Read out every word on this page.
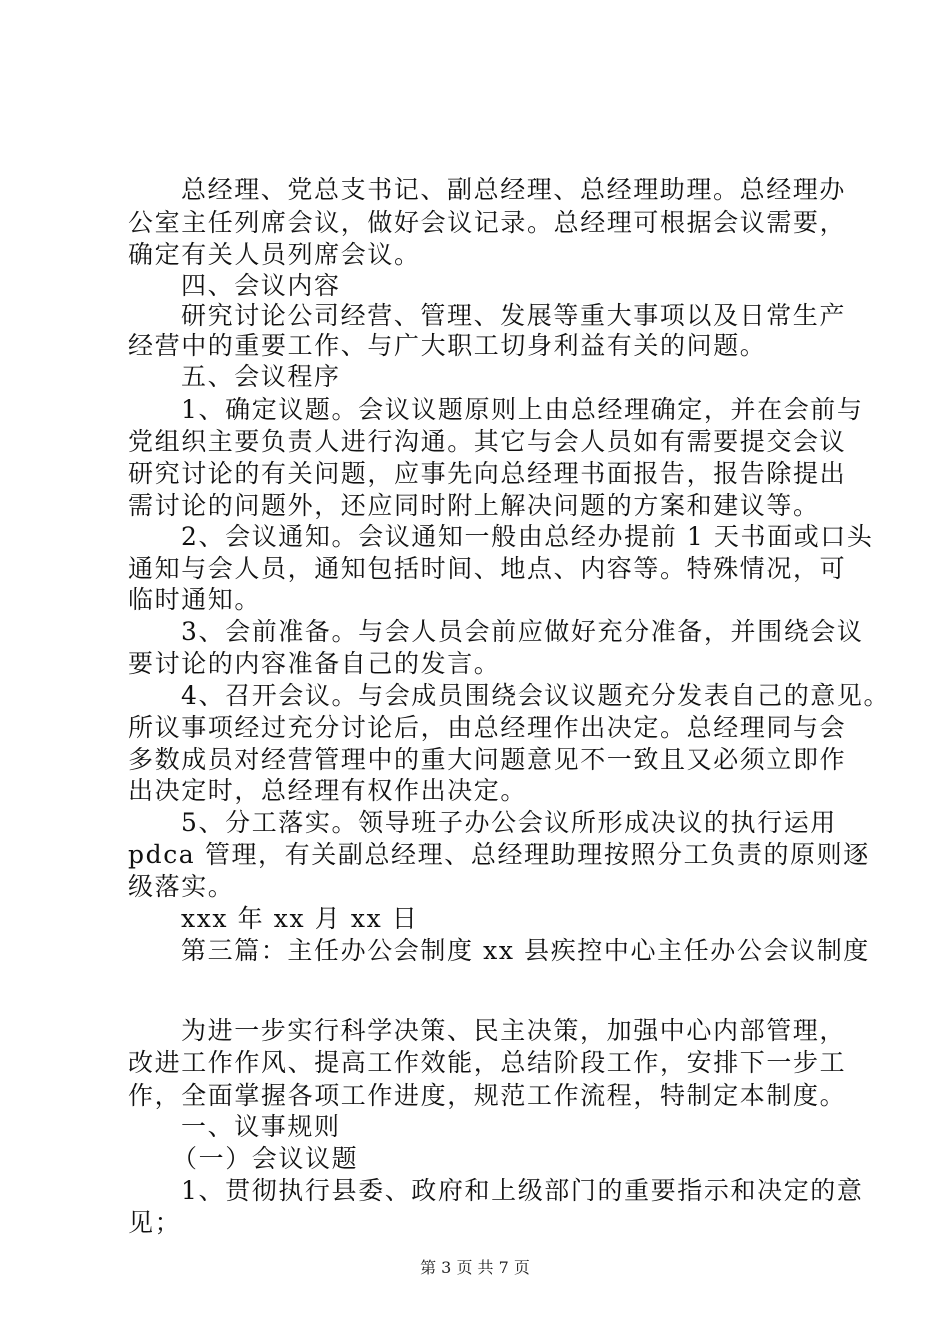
总经理、党总支书记、副总经理、总经理助理。总经理办
公室主任列席会议，做好会议记录。总经理可根据会议需要，
确定有关人员列席会议。
四、会议内容
研究讨论公司经营、管理、发展等重大事项以及日常生产
经营中的重要工作、与广大职工切身利益有关的问题。
五、会议程序
1、确定议题。会议议题原则上由总经理确定，并在会前与
党组织主要负责人进行沟通。其它与会人员如有需要提交会议
研究讨论的有关问题，应事先向总经理书面报告，报告除提出
需讨论的问题外，还应同时附上解决问题的方案和建议等。
2、会议通知。会议通知一般由总经办提前 1 天书面或口头
通知与会人员，通知包括时间、地点、内容等。特殊情况，可
临时通知。
3、会前准备。与会人员会前应做好充分准备，并围绕会议
要讨论的内容准备自己的发言。
4、召开会议。与会成员围绕会议议题充分发表自己的意见。
所议事项经过充分讨论后，由总经理作出决定。总经理同与会
多数成员对经营管理中的重大问题意见不一致且又必须立即作
出决定时，总经理有权作出决定。
5、分工落实。领导班子办公会议所形成决议的执行运用
pdca 管理，有关副总经理、总经理助理按照分工负责的原则逐
级落实。
xxx 年 xx 月 xx 日
第三篇：主任办公会制度 xx 县疾控中心主任办公会议制度
为进一步实行科学决策、民主决策，加强中心内部管理，
改进工作作风、提高工作效能，总结阶段工作，安排下一步工
作，全面掌握各项工作进度，规范工作流程，特制定本制度。
一、议事规则
（一）会议议题
1、贯彻执行县委、政府和上级部门的重要指示和决定的意
见；
第 3 页 共 7 页
